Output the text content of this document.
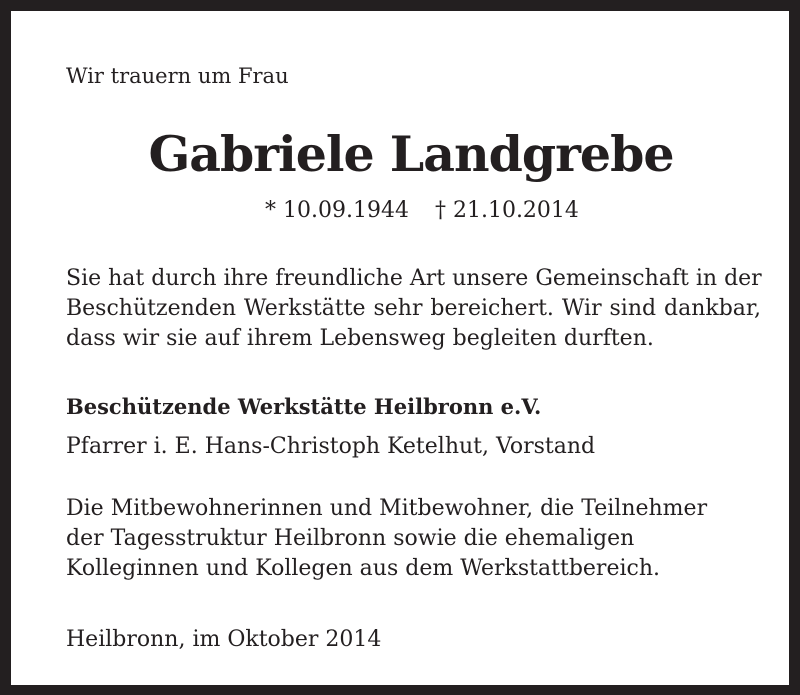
Wir trauern um Frau
Gabriele Landgrebe
* 10.09.1944 † 21.10.2014
Sie hat durch ihre freundliche Art unsere Gemeinschaft in der
Beschützenden Werkstätte sehr bereichert. Wir sind dankbar,
dass wir sie auf ihrem Lebensweg begleiten durften.
Beschützende Werkstätte Heilbronn e.V.
Pfarrer i. E. Hans-Christoph Ketelhut, Vorstand
Die Mitbewohnerinnen und Mitbewohner, die Teilnehmer
der Tagesstruktur Heilbronn sowie die ehemaligen
Kolleginnen und Kollegen aus dem Werkstattbereich.
Heilbronn, im Oktober 2014
